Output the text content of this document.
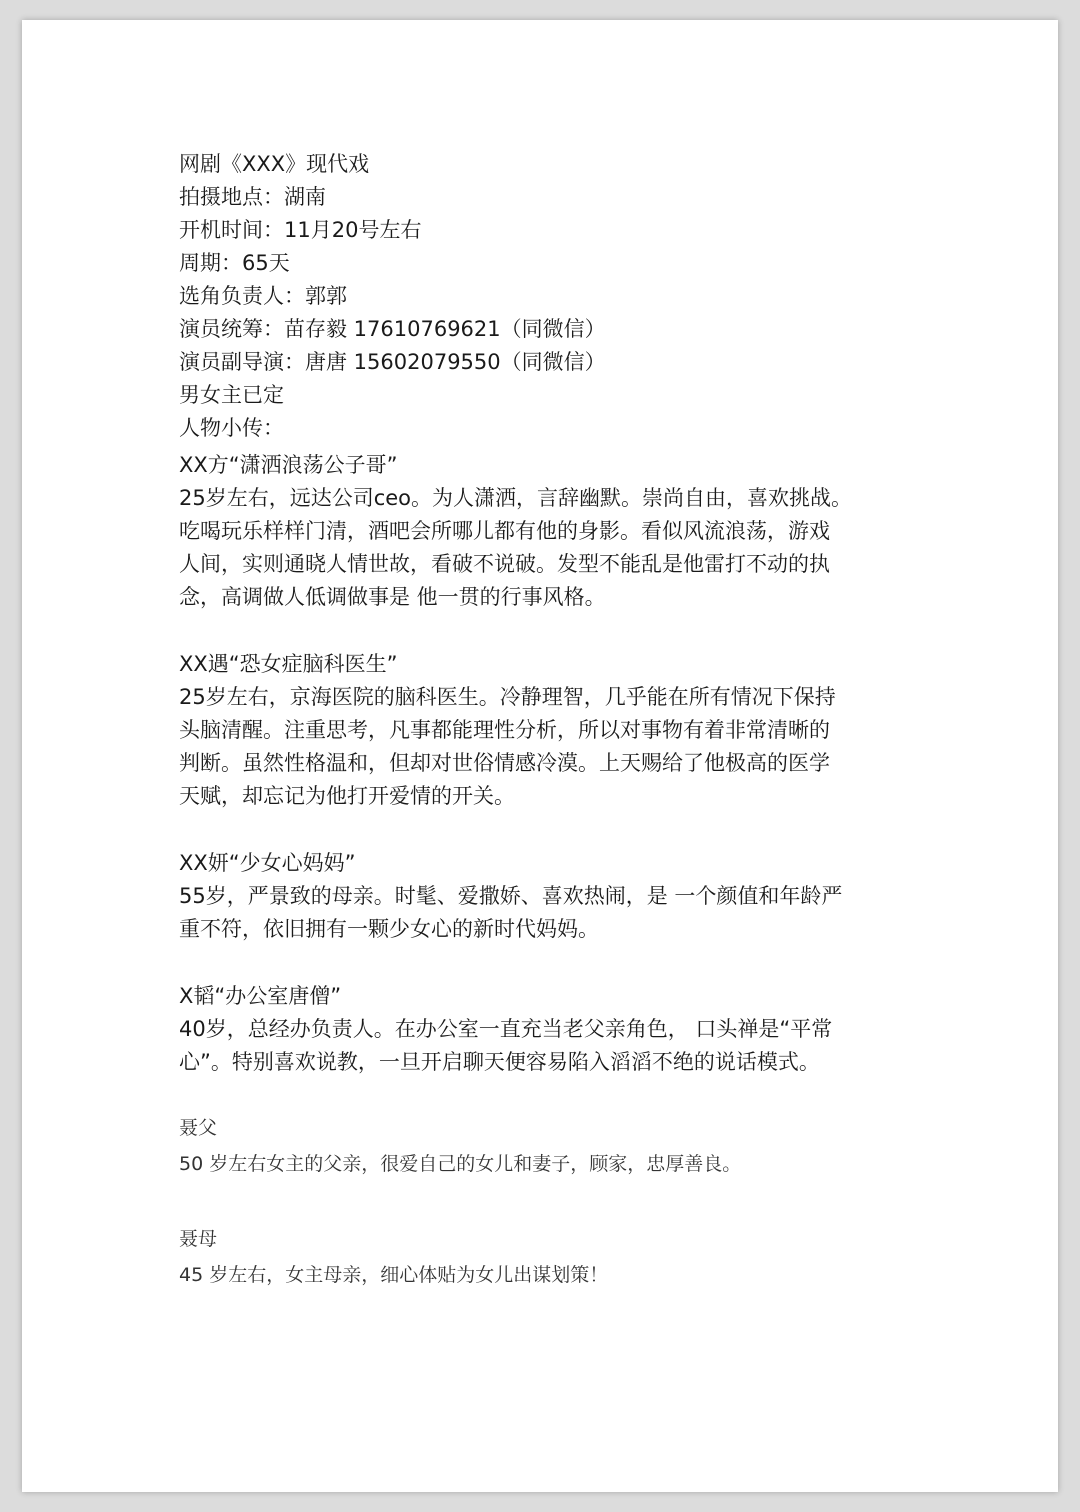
网剧《XXX》现代戏

拍摄地点：湖南

开机时间：11月20号左右

周期：65天

选角负责人：郭郭

演员统筹：苗存毅 17610769621（同微信）

演员副导演：唐唐 15602079550（同微信）

男女主已定

人物小传：

XX方“潇洒浪荡公子哥”

25岁左右，远达公司ceo。为人潇洒，言辞幽默。崇尚自由，喜欢挑战。
吃喝玩乐样样门清，酒吧会所哪儿都有他的身影。看似风流浪荡，游戏
人间，实则通晓人情世故，看破不说破。发型不能乱是他雷打不动的执
念，高调做人低调做事是 他一贯的行事风格。

XX遇“恐女症脑科医生”

25岁左右，京海医院的脑科医生。冷静理智，几乎能在所有情况下保持
头脑清醒。注重思考，凡事都能理性分析，所以对事物有着非常清晰的
判断。虽然性格温和，但却对世俗情感冷漠。上天赐给了他极高的医学
天赋，却忘记为他打开爱情的开关。

XX妍“少女心妈妈”

55岁，严景致的母亲。时髦、爱撒娇、喜欢热闹，是 一个颜值和年龄严
重不符，依旧拥有一颗少女心的新时代妈妈。

X韬“办公室唐僧”

40岁，总经办负责人。在办公室一直充当老父亲角色， 口头禅是“平常
心”。特别喜欢说教，一旦开启聊天便容易陷入滔滔不绝的说话模式。

聂父

50 岁左右女主的父亲，很爱自己的女儿和妻子，顾家，忠厚善良。

聂母

45 岁左右，女主母亲，细心体贴为女儿出谋划策！
